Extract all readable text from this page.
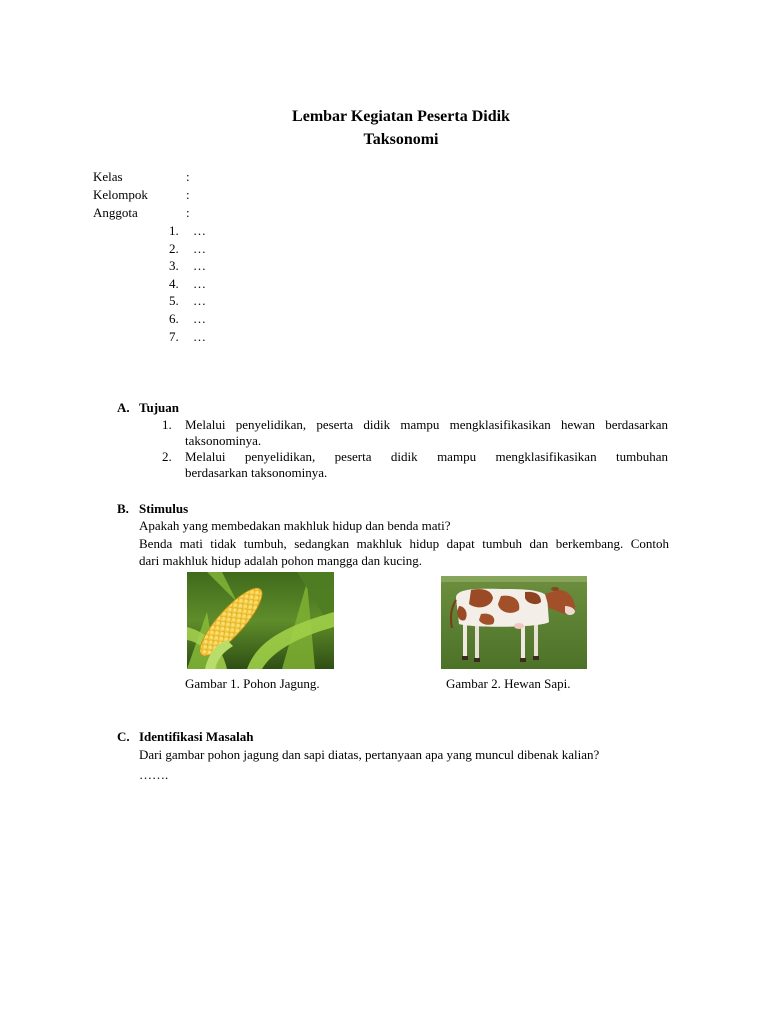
Lembar Kegiatan Peserta Didik
Taksonomi
Kelas	:
Kelompok	:
Anggota	:
1. …
2. …
3. …
4. …
5. …
6. …
7. …
A. Tujuan
1. Melalui penyelidikan, peserta didik mampu mengklasifikasikan hewan berdasarkan
taksonominya.
2. Melalui penyelidikan, peserta didik mampu mengklasifikasikan tumbuhan
berdasarkan taksonominya.
B. Stimulus
Apakah yang membedakan makhluk hidup dan benda mati?
Benda mati tidak tumbuh, sedangkan makhluk hidup dapat tumbuh dan berkembang. Contoh
dari makhluk hidup adalah pohon mangga dan kucing.
Gambar 1. Pohon Jagung.	Gambar 2. Hewan Sapi.
C. Identifikasi Masalah
Dari gambar pohon jagung dan sapi diatas, pertanyaan apa yang muncul dibenak kalian?
…….
